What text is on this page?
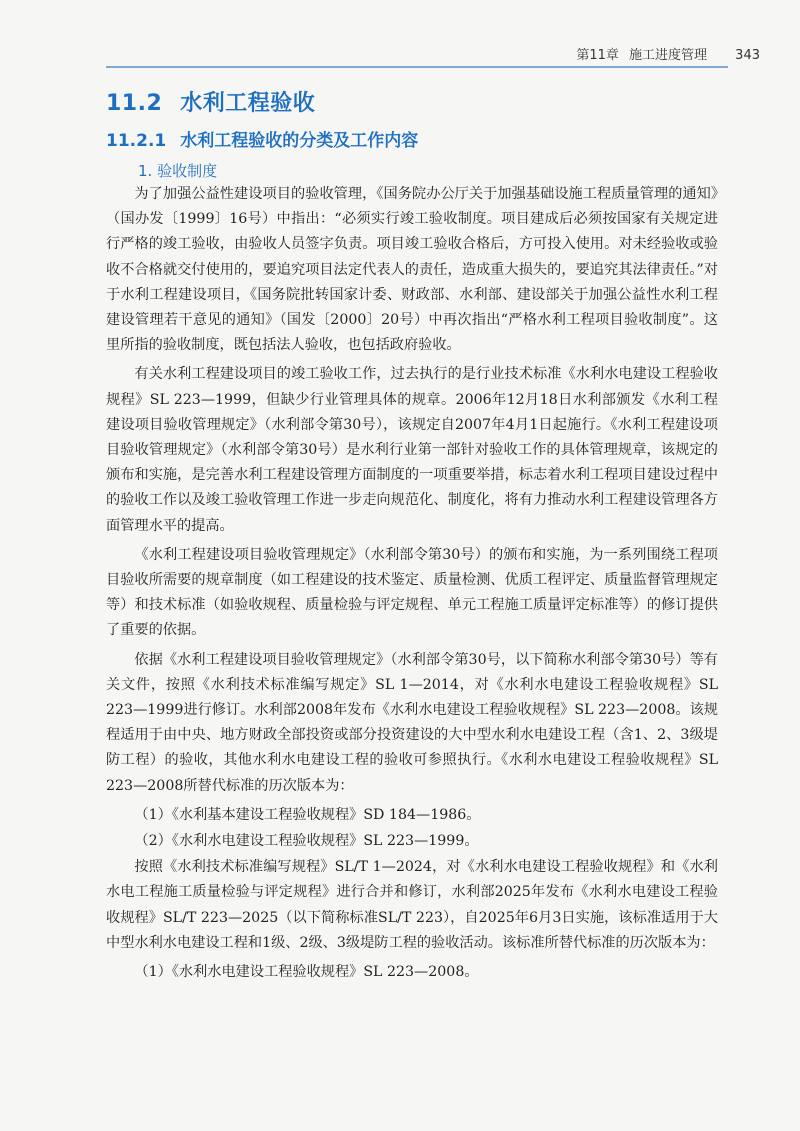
第11章 施工进度管理 343
11.2 水利工程验收
11.2.1 水利工程验收的分类及工作内容
1. 验收制度

为了加强公益性建设项目的验收管理，《国务院办公厅关于加强基础设施工程质量管理的通知》（国办发〔1999〕16号）中指出：“必须实行竣工验收制度。项目建成后必须按国家有关规定进行严格的竣工验收，由验收人员签字负责。项目竣工验收合格后，方可投入使用。对未经验收或验收不合格就交付使用的，要追究项目法定代表人的责任，造成重大损失的，要追究其法律责任。”对于水利工程建设项目，《国务院批转国家计委、财政部、水利部、建设部关于加强公益性水利工程建设管理若干意见的通知》（国发〔2000〕20号）中再次指出“严格水利工程项目验收制度”。这里所指的验收制度，既包括法人验收，也包括政府验收。

有关水利工程建设项目的竣工验收工作，过去执行的是行业技术标准《水利水电建设工程验收规程》SL 223—1999，但缺少行业管理具体的规章。2006年12月18日水利部颁发《水利工程建设项目验收管理规定》（水利部令第30号），该规定自2007年4月1日起施行。《水利工程建设项目验收管理规定》（水利部令第30号）是水利行业第一部针对验收工作的具体管理规章，该规定的颁布和实施，是完善水利工程建设管理方面制度的一项重要举措，标志着水利工程项目建设过程中的验收工作以及竣工验收管理工作进一步走向规范化、制度化，将有力推动水利工程建设管理各方面管理水平的提高。

《水利工程建设项目验收管理规定》（水利部令第30号）的颁布和实施，为一系列围绕工程项目验收所需要的规章制度（如工程建设的技术鉴定、质量检测、优质工程评定、质量监督管理规定等）和技术标准（如验收规程、质量检验与评定规程、单元工程施工质量评定标准等）的修订提供了重要的依据。

依据《水利工程建设项目验收管理规定》（水利部令第30号，以下简称水利部令第30号）等有关文件，按照《水利技术标准编写规定》SL 1—2014，对《水利水电建设工程验收规程》SL 223—1999进行修订。水利部2008年发布《水利水电建设工程验收规程》SL 223—2008。该规程适用于由中央、地方财政全部投资或部分投资建设的大中型水利水电建设工程（含1、2、3级堤防工程）的验收，其他水利水电建设工程的验收可参照执行。《水利水电建设工程验收规程》SL 223—2008所替代标准的历次版本为：

（1）《水利基本建设工程验收规程》SD 184—1986。

（2）《水利水电建设工程验收规程》SL 223—1999。

按照《水利技术标准编写规程》SL/T 1—2024，对《水利水电建设工程验收规程》和《水利水电工程施工质量检验与评定规程》进行合并和修订，水利部2025年发布《水利水电建设工程验收规程》SL/T 223—2025（以下简称标准SL/T 223），自2025年6月3日实施，该标准适用于大中型水利水电建设工程和1级、2级、3级堤防工程的验收活动。该标准所替代标准的历次版本为：

（1）《水利水电建设工程验收规程》SL 223—2008。
